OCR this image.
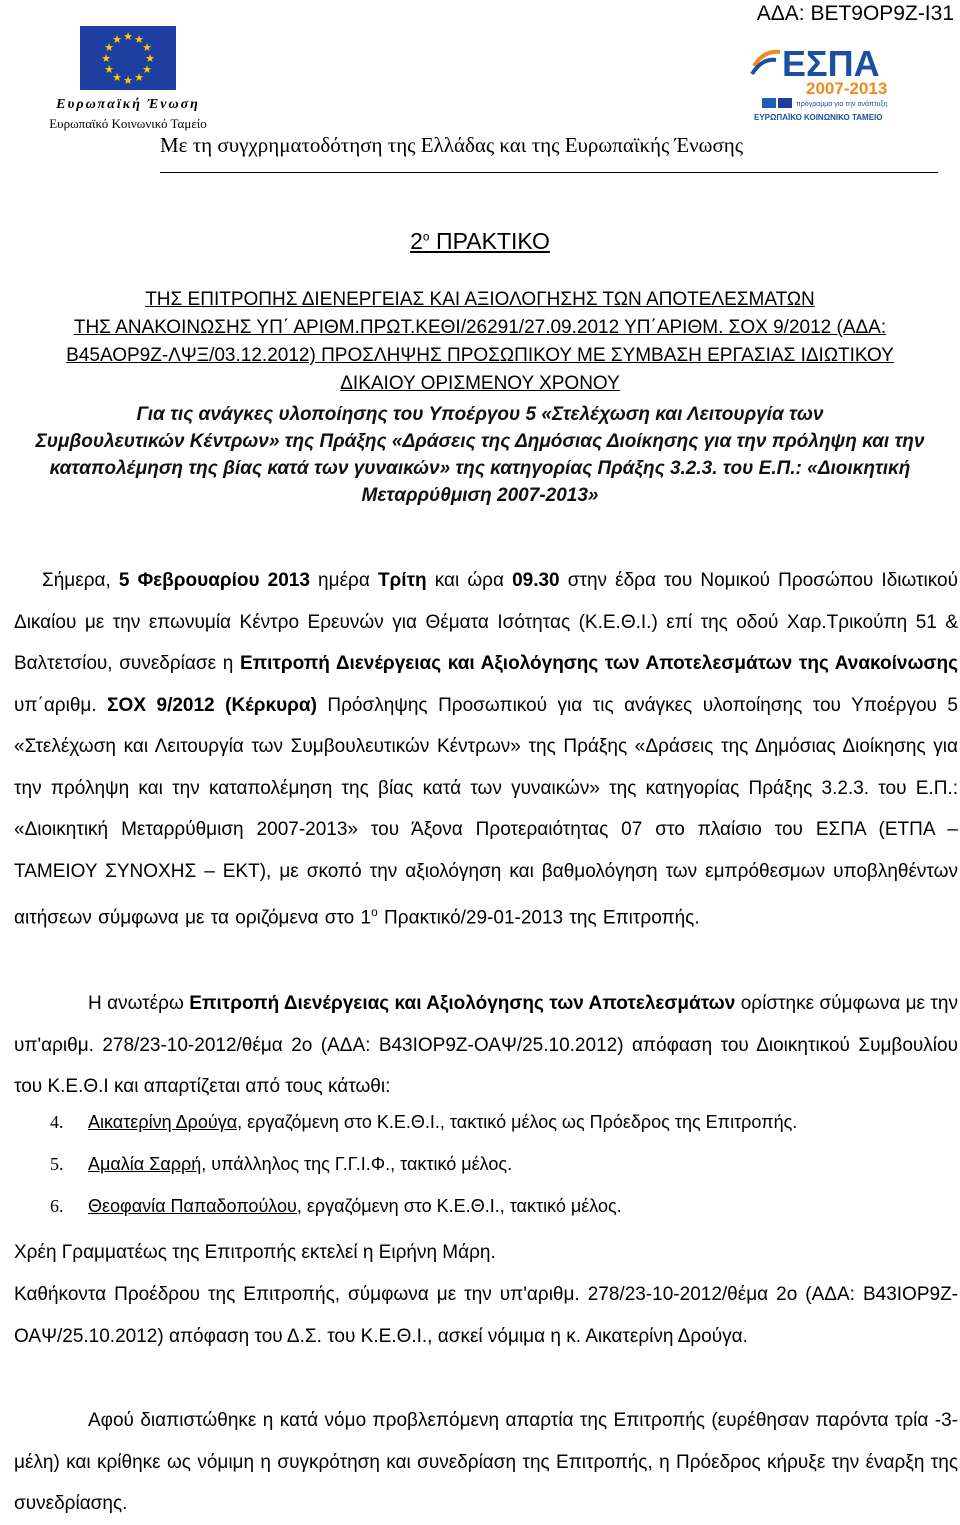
ΑΔΑ: ΒΕΤ9ΟΡ9Ζ-Ι31
★ ★
★
★
★
★
★
★
★
★
★
★
Ευρωπαϊκή Ένωση
Ευρωπαϊκό Κοινωνικό Ταμείο
ΕΣΠΑ
2007-2013
πρόγραμμα για την ανάπτυξη
ΕΥΡΩΠΑΪΚΟ ΚΟΙΝΩΝΙΚΟ ΤΑΜΕΙΟ
Με τη συγχρηματοδότηση της Ελλάδας και της Ευρωπαϊκής Ένωσης
$2^o$ ΠΡΑΚΤΙΚΟ
ΤΗΣ ΕΠΙΤΡΟΠΗΣ ΔΙΕΝΕΡΓΕΙΑΣ ΚΑΙ ΑΞΙΟΛΟΓΗΣΗΣ ΤΩΝ ΑΠΟΤΕΛΕΣΜΑΤΩΝ
ΤΗΣ ΑΝΑΚΟΙΝΩΣΗΣ ΥΠ΄ ΑΡΙΘΜ.ΠΡΩΤ.ΚΕΘΙ/26291/27.09.2012 ΥΠ΄ΑΡΙΘΜ. ΣΟΧ 9/2012 (ΑΔΑ:
Β45ΑΟΡ9Ζ-ΛΨΞ/03.12.2012) ΠΡΟΣΛΗΨΗΣ ΠΡΟΣΩΠΙΚΟΥ ΜΕ ΣΥΜΒΑΣΗ ΕΡΓΑΣΙΑΣ ΙΔΙΩΤΙΚΟΥ
ΔΙΚΑΙΟΥ ΟΡΙΣΜΕΝΟΥ ΧΡΟΝΟΥ
Για τις ανάγκες υλοποίησης του Υποέργου 5 «Στελέχωση και Λειτουργία των
Συμβουλευτικών Κέντρων» της Πράξης «Δράσεις της Δημόσιας Διοίκησης για την πρόληψη και την
καταπολέμηση της βίας κατά των γυναικών» της κατηγορίας Πράξης 3.2.3. του Ε.Π.: «Διοικητική
Μεταρρύθμιση 2007-2013»
Σήμερα, 5 Φεβρουαρίου 2013 ημέρα Τρίτη και ώρα 09.30 στην έδρα του Νομικού Προσώπου Ιδιωτικού Δικαίου με την επωνυμία Κέντρο Ερευνών για Θέματα Ισότητας (Κ.Ε.Θ.Ι.) επί της οδού Χαρ.Τρικούπη 51 & Βαλτετσίου, συνεδρίασε η Επιτροπή Διενέργειας και Αξιολόγησης των Αποτελεσμάτων της Ανακοίνωσης υπ΄αριθμ. ΣΟΧ 9/2012 (Κέρκυρα) Πρόσληψης Προσωπικού για τις ανάγκες υλοποίησης του Υποέργου 5 «Στελέχωση και Λειτουργία των Συμβουλευτικών Κέντρων» της Πράξης «Δράσεις της Δημόσιας Διοίκησης για την πρόληψη και την καταπολέμηση της βίας κατά των γυναικών» της κατηγορίας Πράξης 3.2.3. του Ε.Π.: «Διοικητική Μεταρρύθμιση 2007-2013» του Άξονα Προτεραιότητας 07 στο πλαίσιο του ΕΣΠΑ (ΕΤΠΑ – ΤΑΜΕΙΟΥ ΣΥΝΟΧΗΣ – ΕΚΤ), με σκοπό την αξιολόγηση και βαθμολόγηση των εμπρόθεσμων υποβληθέντων αιτήσεων σύμφωνα με τα οριζόμενα στο $1^o$ Πρακτικό/29-01-2013 της Επιτροπής.
Η ανωτέρω Επιτροπή Διενέργειας και Αξιολόγησης των Αποτελεσμάτων ορίστηκε σύμφωνα με την υπ'αριθμ. 278/23-10-2012/θέμα 2ο (ΑΔΑ: Β43ΙΟΡ9Ζ-ΟΑΨ/25.10.2012) απόφαση του Διοικητικού Συμβουλίου του Κ.Ε.Θ.Ι και απαρτίζεται από τους κάτωθι:
4. Αικατερίνη Δρούγα, εργαζόμενη στο Κ.Ε.Θ.Ι., τακτικό μέλος ως Πρόεδρος της Επιτροπής.
5. Αμαλία Σαρρή, υπάλληλος της Γ.Γ.Ι.Φ., τακτικό μέλος.
6. Θεοφανία Παπαδοπούλου, εργαζόμενη στο Κ.Ε.Θ.Ι., τακτικό μέλος.
Χρέη Γραμματέως της Επιτροπής εκτελεί η Ειρήνη Μάρη.
Καθήκοντα Προέδρου της Επιτροπής, σύμφωνα με την υπ'αριθμ. 278/23-10-2012/θέμα 2ο (ΑΔΑ: Β43ΙΟΡ9Ζ-ΟΑΨ/25.10.2012) απόφαση του Δ.Σ. του Κ.Ε.Θ.Ι., ασκεί νόμιμα η κ. Αικατερίνη Δρούγα.
Αφού διαπιστώθηκε η κατά νόμο προβλεπόμενη απαρτία της Επιτροπής (ευρέθησαν παρόντα τρία -3- μέλη) και κρίθηκε ως νόμιμη η συγκρότηση και συνεδρίαση της Επιτροπής, η Πρόεδρος κήρυξε την έναρξη της συνεδρίασης.
